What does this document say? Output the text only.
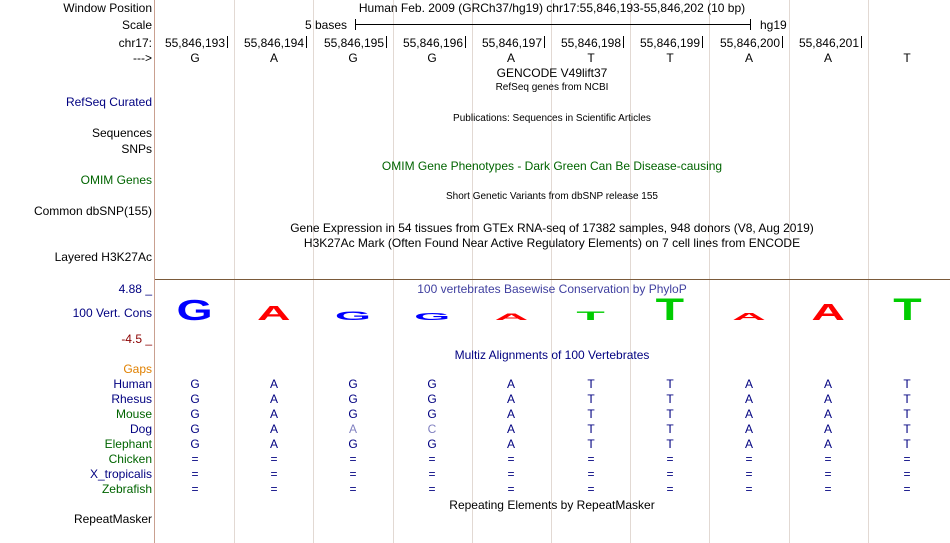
Window Position	Human Feb. 2009 (GRCh37/hg19) chr17:55,846,193-55,846,202 (10 bp)
Scale	5 bases	hg19
chr17: 55,846,193 55,846,194 55,846,195 55,846,196 55,846,197 55,846,198 55,846,199 55,846,200 55,846,201
--->	G	A	G	G	A	T	T	A	A	T
GENCODE V49lift37
RefSeq genes from NCBI
RefSeq Curated
Publications: Sequences in Scientific Articles
Sequences
SNPs
OMIM Gene Phenotypes - Dark Green Can Be Disease-causing
OMIM Genes
Short Genetic Variants from dbSNP release 155
Common dbSNP(155)
Gene Expression in 54 tissues from GTEx RNA-seq of 17382 samples, 948 donors (V8, Aug 2019)
H3K27Ac Mark (Often Found Near Active Regulatory Elements) on 7 cell lines from ENCODE
Layered H3K27Ac
4.88 _	100 vertebrates Basewise Conservation by PhyloP
100 Vert. Cons
-4.5 _
G A G G A T T A A T
Multiz Alignments of 100 Vertebrates
Gaps
Human	G	A	G	G	A	T	T	A	A	T
Rhesus	G	A	G	G	A	T	T	A	A	T
Mouse	G	A	G	G	A	T	T	A	A	T
Dog	G	A	A	C	A	T	T	A	A	T
Elephant	G	A	G	G	A	T	T	A	A	T
Chicken	=	=	=	=	=	=	=	=	=	=
X_tropicalis	=	=	=	=	=	=	=	=	=	=
Zebrafish	=	=	=	=	=	=	=	=	=	=
Repeating Elements by RepeatMasker
RepeatMasker
